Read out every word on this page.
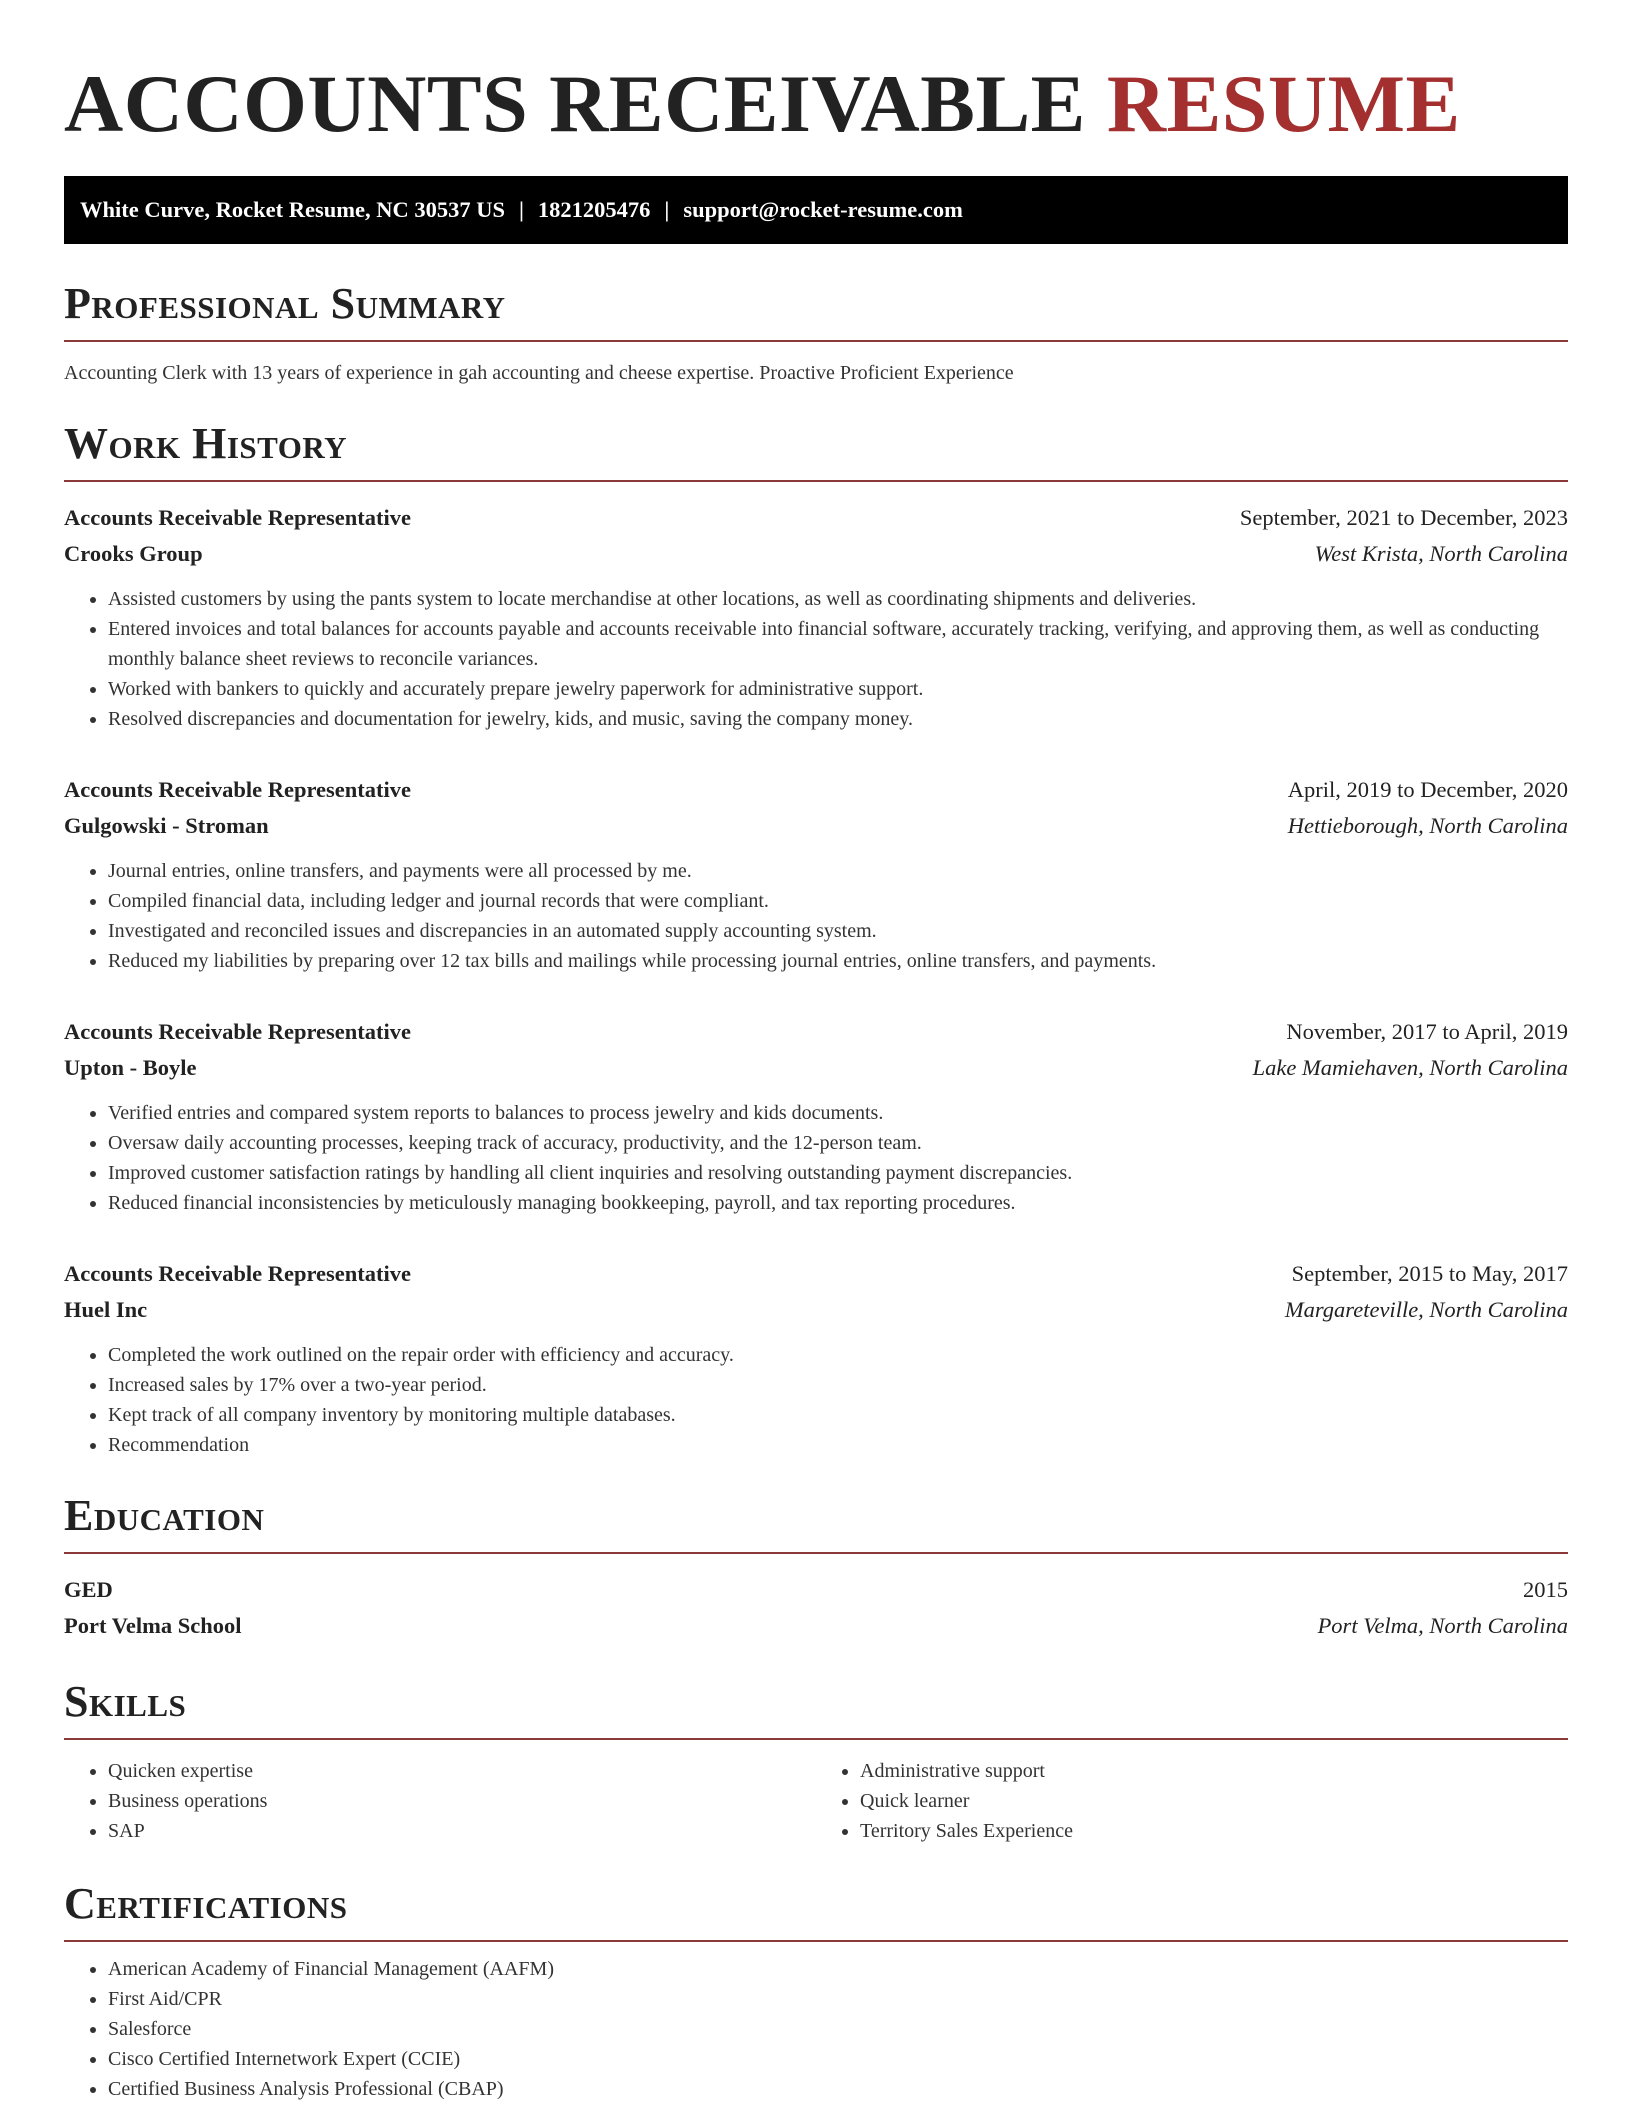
ACCOUNTS RECEIVABLE RESUME
White Curve, Rocket Resume, NC 30537 US | 1821205476 | support@rocket-resume.com
Professional Summary

Accounting Clerk with 13 years of experience in gah accounting and cheese expertise. Proactive Proficient Experience

Work History
Accounts Receivable Representative	September, 2021 to December, 2023
Crooks Group	West Krista, North Carolina
• Assisted customers by using the pants system to locate merchandise at other locations, as well as coordinating shipments and deliveries.
• Entered invoices and total balances for accounts payable and accounts receivable into financial software, accurately tracking, verifying, and approving them, as well as conducting monthly balance sheet reviews to reconcile variances.
• Worked with bankers to quickly and accurately prepare jewelry paperwork for administrative support.
• Resolved discrepancies and documentation for jewelry, kids, and music, saving the company money.
Accounts Receivable Representative	April, 2019 to December, 2020
Gulgowski - Stroman	Hettieborough, North Carolina
• Journal entries, online transfers, and payments were all processed by me.
• Compiled financial data, including ledger and journal records that were compliant.
• Investigated and reconciled issues and discrepancies in an automated supply accounting system.
• Reduced my liabilities by preparing over 12 tax bills and mailings while processing journal entries, online transfers, and payments.
Accounts Receivable Representative	November, 2017 to April, 2019
Upton - Boyle	Lake Mamiehaven, North Carolina
• Verified entries and compared system reports to balances to process jewelry and kids documents.
• Oversaw daily accounting processes, keeping track of accuracy, productivity, and the 12-person team.
• Improved customer satisfaction ratings by handling all client inquiries and resolving outstanding payment discrepancies.
• Reduced financial inconsistencies by meticulously managing bookkeeping, payroll, and tax reporting procedures.
Accounts Receivable Representative	September, 2015 to May, 2017
Huel Inc	Margareteville, North Carolina
• Completed the work outlined on the repair order with efficiency and accuracy.
• Increased sales by 17% over a two-year period.
• Kept track of all company inventory by monitoring multiple databases.
• Recommendation
Education
GED	2015
Port Velma School	Port Velma, North Carolina
Skills
• Quicken expertise
• Business operations
• SAP
• Administrative support
• Quick learner
• Territory Sales Experience
Certifications
• American Academy of Financial Management (AAFM)
• First Aid/CPR
• Salesforce
• Cisco Certified Internetwork Expert (CCIE)
• Certified Business Analysis Professional (CBAP)
